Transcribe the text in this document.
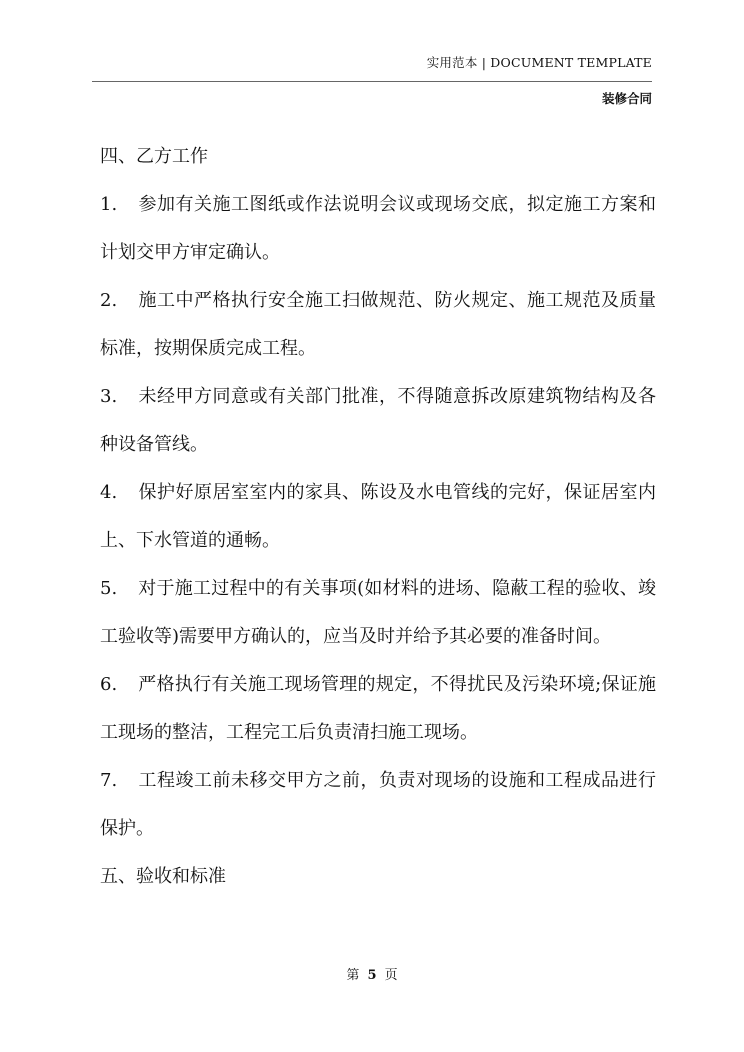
实用范本 | DOCUMENT TEMPLATE
装修合同

四、乙方工作

1. 参加有关施工图纸或作法说明会议或现场交底，拟定施工方案和计划交甲方审定确认。

2. 施工中严格执行安全施工扫做规范、防火规定、施工规范及质量标准，按期保质完成工程。

3. 未经甲方同意或有关部门批准，不得随意拆改原建筑物结构及各种设备管线。

4. 保护好原居室室内的家具、陈设及水电管线的完好，保证居室内上、下水管道的通畅。

5. 对于施工过程中的有关事项(如材料的进场、隐蔽工程的验收、竣工验收等)需要甲方确认的，应当及时并给予其必要的准备时间。

6. 严格执行有关施工现场管理的规定，不得扰民及污染环境;保证施工现场的整洁，工程完工后负责清扫施工现场。

7. 工程竣工前未移交甲方之前，负责对现场的设施和工程成品进行保护。

五、验收和标准

第 5 页
